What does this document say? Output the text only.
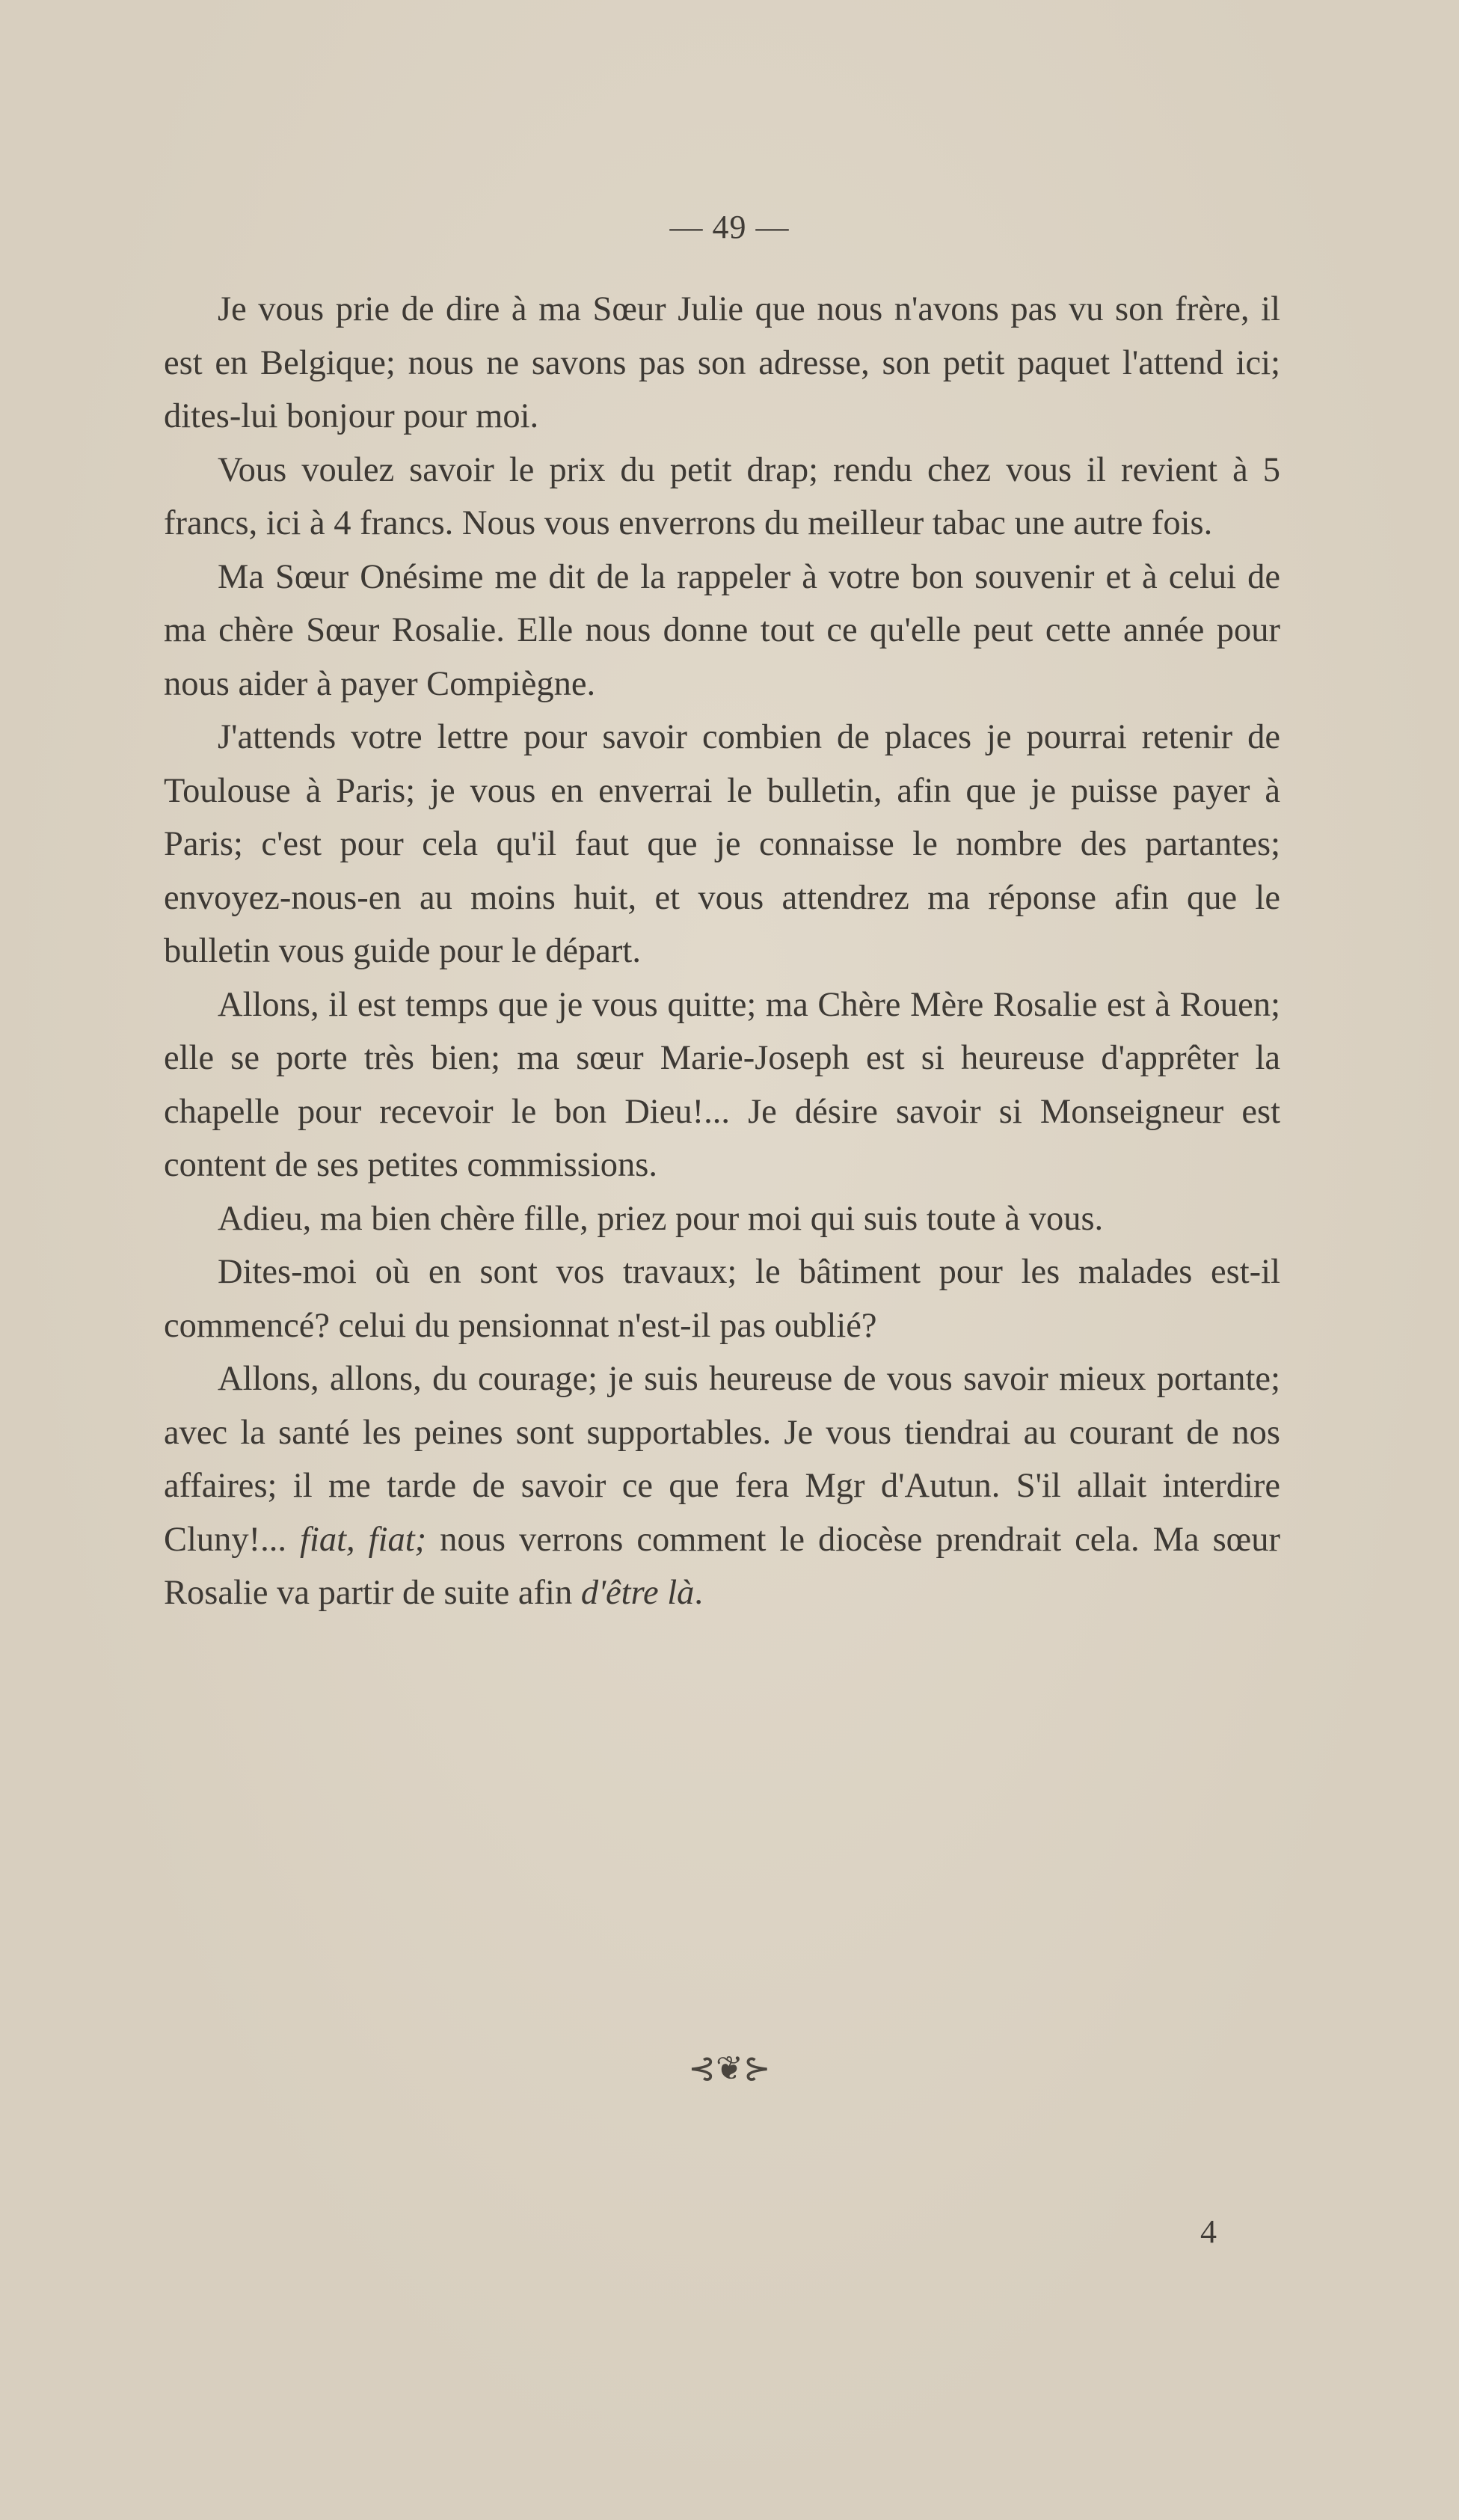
— 49 —

Je vous prie de dire à ma Sœur Julie que nous n'avons pas vu son frère, il est en Belgique; nous ne savons pas son adresse, son petit paquet l'attend ici; dites-lui bonjour pour moi.

Vous voulez savoir le prix du petit drap; rendu chez vous il revient à 5 francs, ici à 4 francs. Nous vous enverrons du meilleur tabac une autre fois.

Ma Sœur Onésime me dit de la rappeler à votre bon souvenir et à celui de ma chère Sœur Rosalie. Elle nous donne tout ce qu'elle peut cette année pour nous aider à payer Compiègne.

J'attends votre lettre pour savoir combien de places je pourrai retenir de Toulouse à Paris; je vous en enverrai le bulletin, afin que je puisse payer à Paris; c'est pour cela qu'il faut que je connaisse le nombre des partantes; envoyez-nous-en au moins huit, et vous attendrez ma réponse afin que le bulletin vous guide pour le départ.

Allons, il est temps que je vous quitte; ma Chère Mère Rosalie est à Rouen; elle se porte très bien; ma sœur Marie-Joseph est si heureuse d'apprêter la chapelle pour recevoir le bon Dieu!... Je désire savoir si Monseigneur est content de ses petites commissions.

Adieu, ma bien chère fille, priez pour moi qui suis toute à vous.

Dites-moi où en sont vos travaux; le bâtiment pour les malades est-il commencé? celui du pensionnat n'est-il pas oublié?

Allons, allons, du courage; je suis heureuse de vous savoir mieux portante; avec la santé les peines sont supportables. Je vous tiendrai au courant de nos affaires; il me tarde de savoir ce que fera Mgr d'Autun. S'il allait interdire Cluny!... fiat, fiat; nous verrons comment le diocèse prendrait cela. Ma sœur Rosalie va partir de suite afin d'être là.

⊰❦⊱
4
